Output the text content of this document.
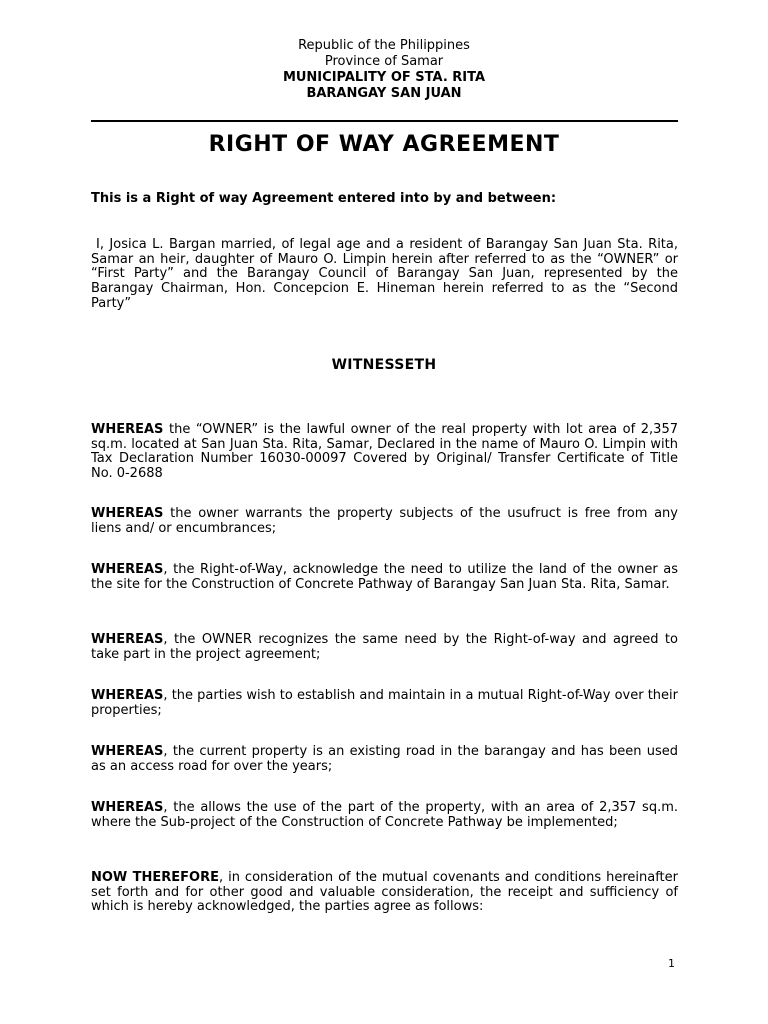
Republic of the Philippines
Province of Samar
MUNICIPALITY OF STA. RITA
BARANGAY SAN JUAN
RIGHT OF WAY AGREEMENT
This is a Right of way Agreement entered into by and between:
I, Josica L. Bargan married, of legal age and a resident of Barangay San Juan Sta. Rita, Samar an heir, daughter of Mauro O. Limpin herein after referred to as the “OWNER” or “First Party” and the Barangay Council of Barangay San Juan, represented by the Barangay Chairman, Hon. Concepcion E. Hineman herein referred to as the “Second Party”
WITNESSETH
WHEREAS the “OWNER” is the lawful owner of the real property with lot area of 2,357 sq.m. located at San Juan Sta. Rita, Samar, Declared in the name of Mauro O. Limpin with Tax Declaration Number 16030-00097 Covered by Original/ Transfer Certificate of Title No. 0-2688
WHEREAS the owner warrants the property subjects of the usufruct is free from any liens and/ or encumbrances;
WHEREAS, the Right-of-Way, acknowledge the need to utilize the land of the owner as the site for the Construction of Concrete Pathway of Barangay San Juan Sta. Rita, Samar.
WHEREAS, the OWNER recognizes the same need by the Right-of-way and agreed to take part in the project agreement;
WHEREAS, the parties wish to establish and maintain in a mutual Right-of-Way over their properties;
WHEREAS, the current property is an existing road in the barangay and has been used as an access road for over the years;
WHEREAS, the allows the use of the part of the property, with an area of 2,357 sq.m. where the Sub-project of the Construction of Concrete Pathway be implemented;
NOW THEREFORE, in consideration of the mutual covenants and conditions hereinafter set forth and for other good and valuable consideration, the receipt and sufficiency of which is hereby acknowledged, the parties agree as follows:
1
